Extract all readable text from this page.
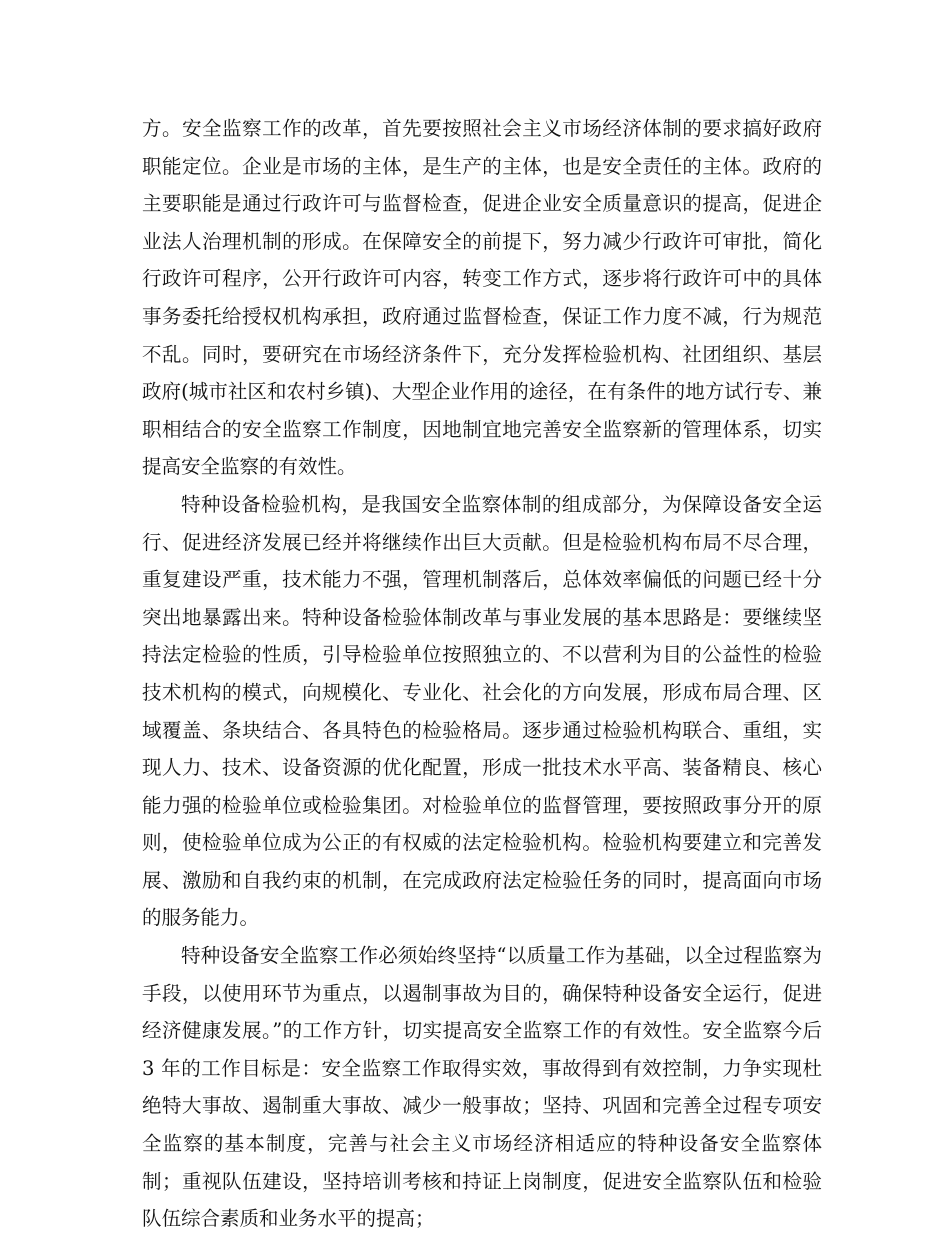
方。安全监察工作的改革，首先要按照社会主义市场经济体制的要求搞好政府职能定位。企业是市场的主体，是生产的主体，也是安全责任的主体。政府的主要职能是通过行政许可与监督检查，促进企业安全质量意识的提高，促进企业法人治理机制的形成。在保障安全的前提下，努力减少行政许可审批，简化行政许可程序，公开行政许可内容，转变工作方式，逐步将行政许可中的具体事务委托给授权机构承担，政府通过监督检查，保证工作力度不减，行为规范不乱。同时，要研究在市场经济条件下，充分发挥检验机构、社团组织、基层政府(城市社区和农村乡镇)、大型企业作用的途径，在有条件的地方试行专、兼职相结合的安全监察工作制度，因地制宜地完善安全监察新的管理体系，切实提高安全监察的有效性。

特种设备检验机构，是我国安全监察体制的组成部分，为保障设备安全运行、促进经济发展已经并将继续作出巨大贡献。但是检验机构布局不尽合理，重复建设严重，技术能力不强，管理机制落后，总体效率偏低的问题已经十分突出地暴露出来。特种设备检验体制改革与事业发展的基本思路是：要继续坚持法定检验的性质，引导检验单位按照独立的、不以营利为目的公益性的检验技术机构的模式，向规模化、专业化、社会化的方向发展，形成布局合理、区域覆盖、条块结合、各具特色的检验格局。逐步通过检验机构联合、重组，实现人力、技术、设备资源的优化配置，形成一批技术水平高、装备精良、核心能力强的检验单位或检验集团。对检验单位的监督管理，要按照政事分开的原则，使检验单位成为公正的有权威的法定检验机构。检验机构要建立和完善发展、激励和自我约束的机制，在完成政府法定检验任务的同时，提高面向市场的服务能力。

特种设备安全监察工作必须始终坚持“以质量工作为基础，以全过程监察为手段，以使用环节为重点，以遏制事故为目的，确保特种设备安全运行，促进经济健康发展。”的工作方针，切实提高安全监察工作的有效性。安全监察今后 3 年的工作目标是：安全监察工作取得实效，事故得到有效控制，力争实现杜绝特大事故、遏制重大事故、减少一般事故；坚持、巩固和完善全过程专项安全监察的基本制度，完善与社会主义市场经济相适应的特种设备安全监察体制；重视队伍建设，坚持培训考核和持证上岗制度，促进安全监察队伍和检验队伍综合素质和业务水平的提高；
